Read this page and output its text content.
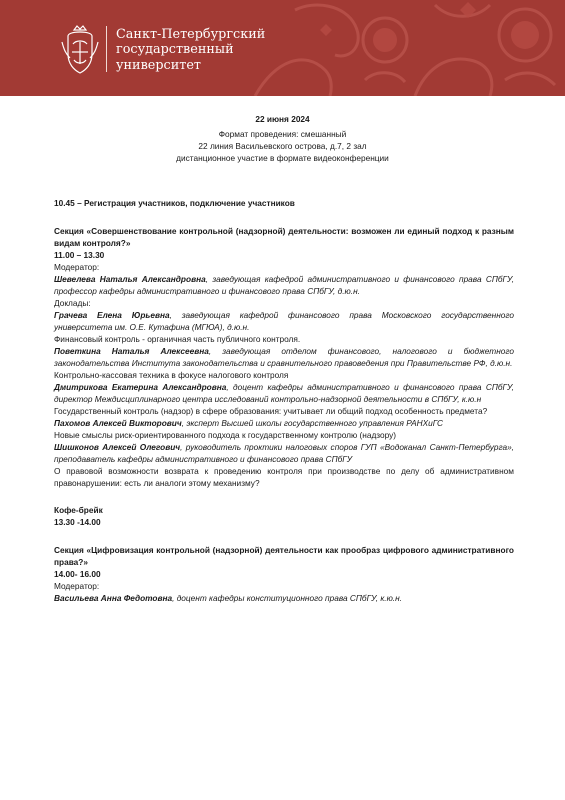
Санкт-Петербургский
государственный
университет
22 июня 2024
Формат проведения: смешанный
22 линия Васильевского острова, д.7, 2 зал
дистанционное участие в формате видеоконференции

10.45 – Регистрация участников, подключение участников

Секция «Совершенствование контрольной (надзорной) деятельности: возможен ли единый подход к разным видам контроля?»

11.00 – 13.30

Модератор:

Шевелева Наталья Александровна, заведующая кафедрой административного и финансового права СПбГУ, профессор кафедры административного и финансового права СПбГУ, д.ю.н.

Доклады:

Грачева Елена Юрьевна, заведующая кафедрой финансового права Московского государственного университета им. О.Е. Кутафина (МГЮА), д.ю.н.

Финансовый контроль - органичная часть публичного контроля.

Поветкина Наталья Алексеевна, заведующая отделом финансового, налогового и бюджетного законодательства Института законодательства и сравнительного правоведения при Правительстве РФ, д.ю.н.

Контрольно-кассовая техника в фокусе налогового контроля

Дмитрикова Екатерина Александровна, доцент кафедры административного и финансового права СПбГУ, директор Междисциплинарного центра исследований контрольно-надзорной деятельности в СПбГУ, к.ю.н

Государственный контроль (надзор) в сфере образования: учитывает ли общий подход особенность предмета?

Пахомов Алексей Викторович, эксперт Высшей школы государственного управления РАНХиГС

Новые смыслы риск-ориентированного подхода к государственному контролю (надзору)

Шишконов Алексей Олегович, руководитель проктики налоговых споров ГУП «Водоканал Санкт-Петербурга», преподаватель кафедры административного и финансового права СПбГУ

О правовой возможности возврата к проведению контроля при производстве по делу об административном правонарушении: есть ли аналоги этому механизму?

Кофе-брейк

13.30 -14.00

Секция «Цифровизация контрольной (надзорной) деятельности как прообраз цифрового административного права?»

14.00- 16.00

Модератор:

Васильева Анна Федотовна, доцент кафедры конституционного права СПбГУ, к.ю.н.
